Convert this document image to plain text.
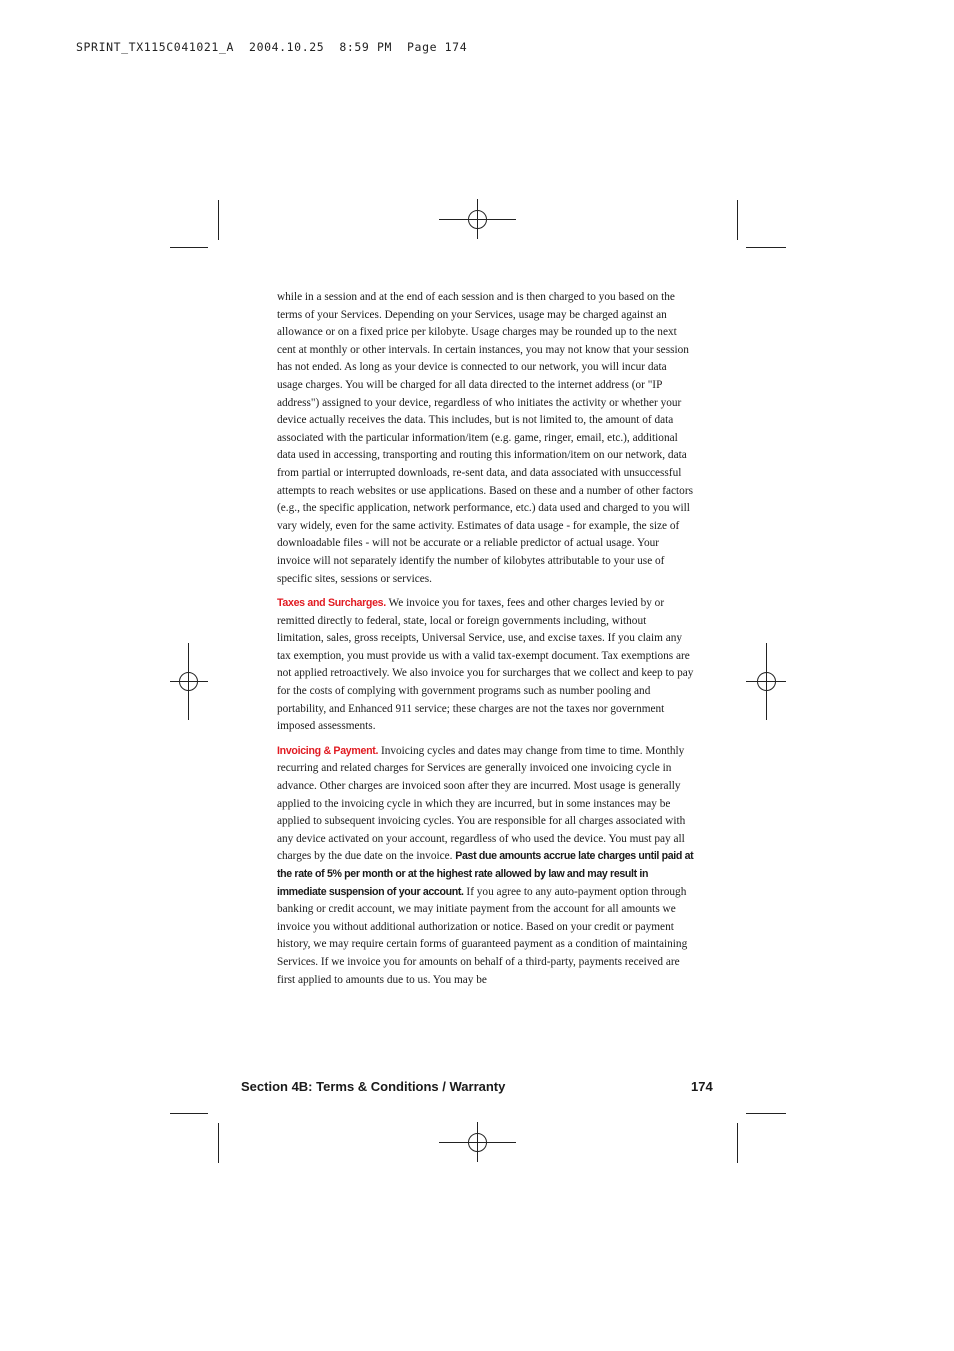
SPRINT_TX115C041021_A  2004.10.25  8:59 PM  Page 174

while in a session and at the end of each session and is then charged to you based on the terms of your Services. Depending on your Services, usage may be charged against an allowance or on a fixed price per kilobyte. Usage charges may be rounded up to the next cent at monthly or other intervals. In certain instances, you may not know that your session has not ended. As long as your device is connected to our network, you will incur data usage charges. You will be charged for all data directed to the internet address (or "IP address") assigned to your device, regardless of who initiates the activity or whether your device actually receives the data. This includes, but is not limited to, the amount of data associated with the particular information/item (e.g. game, ringer, email, etc.), additional data used in accessing, transporting and routing this information/item on our network, data from partial or interrupted downloads, re-sent data, and data associated with unsuccessful attempts to reach websites or use applications. Based on these and a number of other factors (e.g., the specific application, network performance, etc.) data used and charged to you will vary widely, even for the same activity. Estimates of data usage - for example, the size of downloadable files - will not be accurate or a reliable predictor of actual usage. Your invoice will not separately identify the number of kilobytes attributable to your use of specific sites, sessions or services.

Taxes and Surcharges. We invoice you for taxes, fees and other charges levied by or remitted directly to federal, state, local or foreign governments including, without limitation, sales, gross receipts, Universal Service, use, and excise taxes. If you claim any tax exemption, you must provide us with a valid tax-exempt document. Tax exemptions are not applied retroactively. We also invoice you for surcharges that we collect and keep to pay for the costs of complying with government programs such as number pooling and portability, and Enhanced 911 service; these charges are not the taxes nor government imposed assessments.

Invoicing & Payment. Invoicing cycles and dates may change from time to time. Monthly recurring and related charges for Services are generally invoiced one invoicing cycle in advance. Other charges are invoiced soon after they are incurred. Most usage is generally applied to the invoicing cycle in which they are incurred, but in some instances may be applied to subsequent invoicing cycles. You are responsible for all charges associated with any device activated on your account, regardless of who used the device. You must pay all charges by the due date on the invoice. Past due amounts accrue late charges until paid at the rate of 5% per month or at the highest rate allowed by law and may result in immediate suspension of your account. If you agree to any auto-payment option through banking or credit account, we may initiate payment from the account for all amounts we invoice you without additional authorization or notice. Based on your credit or payment history, we may require certain forms of guaranteed payment as a condition of maintaining Services. If we invoice you for amounts on behalf of a third-party, payments received are first applied to amounts due to us. You may be

Section 4B: Terms & Conditions / Warranty	174
